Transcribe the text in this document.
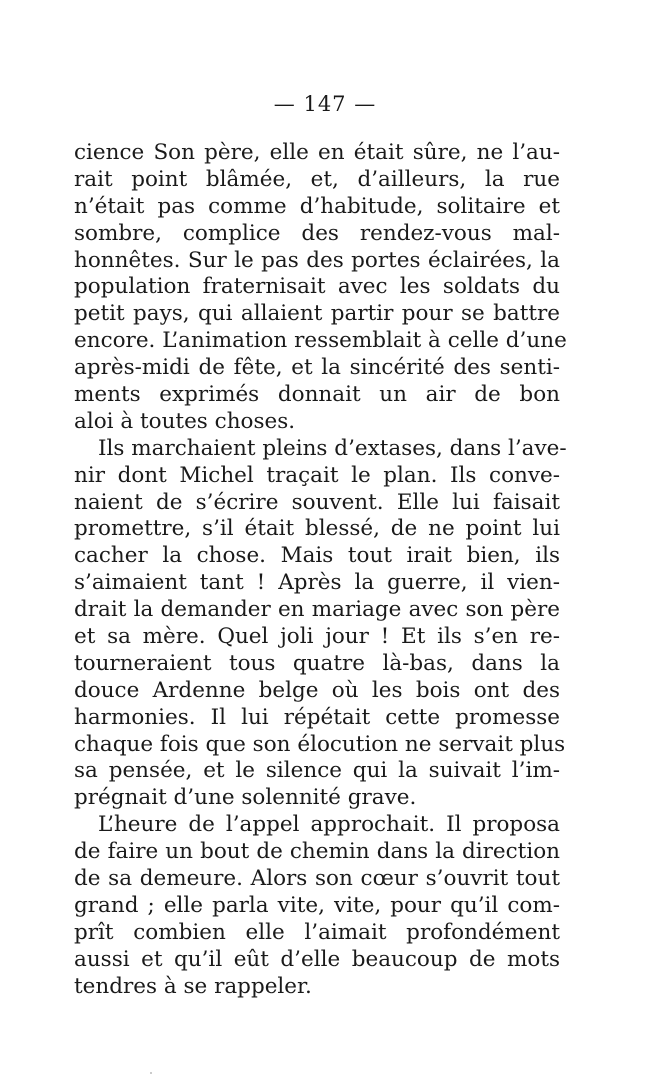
— 147 —
cience Son père, elle en était sûre, ne l’au-
rait point blâmée, et, d’ailleurs, la rue
n’était pas comme d’habitude, solitaire et
sombre, complice des rendez-vous mal-
honnêtes. Sur le pas des portes éclairées, la
population fraternisait avec les soldats du
petit pays, qui allaient partir pour se battre
encore. L’animation ressemblait à celle d’une
après-midi de fête, et la sincérité des senti-
ments exprimés donnait un air de bon
aloi à toutes choses.
Ils marchaient pleins d’extases, dans l’ave-
nir dont Michel traçait le plan. Ils conve-
naient de s’écrire souvent. Elle lui faisait
promettre, s’il était blessé, de ne point lui
cacher la chose. Mais tout irait bien, ils
s’aimaient tant ! Après la guerre, il vien-
drait la demander en mariage avec son père
et sa mère. Quel joli jour ! Et ils s’en re-
tourneraient tous quatre là-bas, dans la
douce Ardenne belge où les bois ont des
harmonies. Il lui répétait cette promesse
chaque fois que son élocution ne servait plus
sa pensée, et le silence qui la suivait l’im-
prégnait d’une solennité grave.
L’heure de l’appel approchait. Il proposa
de faire un bout de chemin dans la direction
de sa demeure. Alors son cœur s’ouvrit tout
grand ; elle parla vite, vite, pour qu’il com-
prît combien elle l’aimait profondément
aussi et qu’il eût d’elle beaucoup de mots
tendres à se rappeler.
